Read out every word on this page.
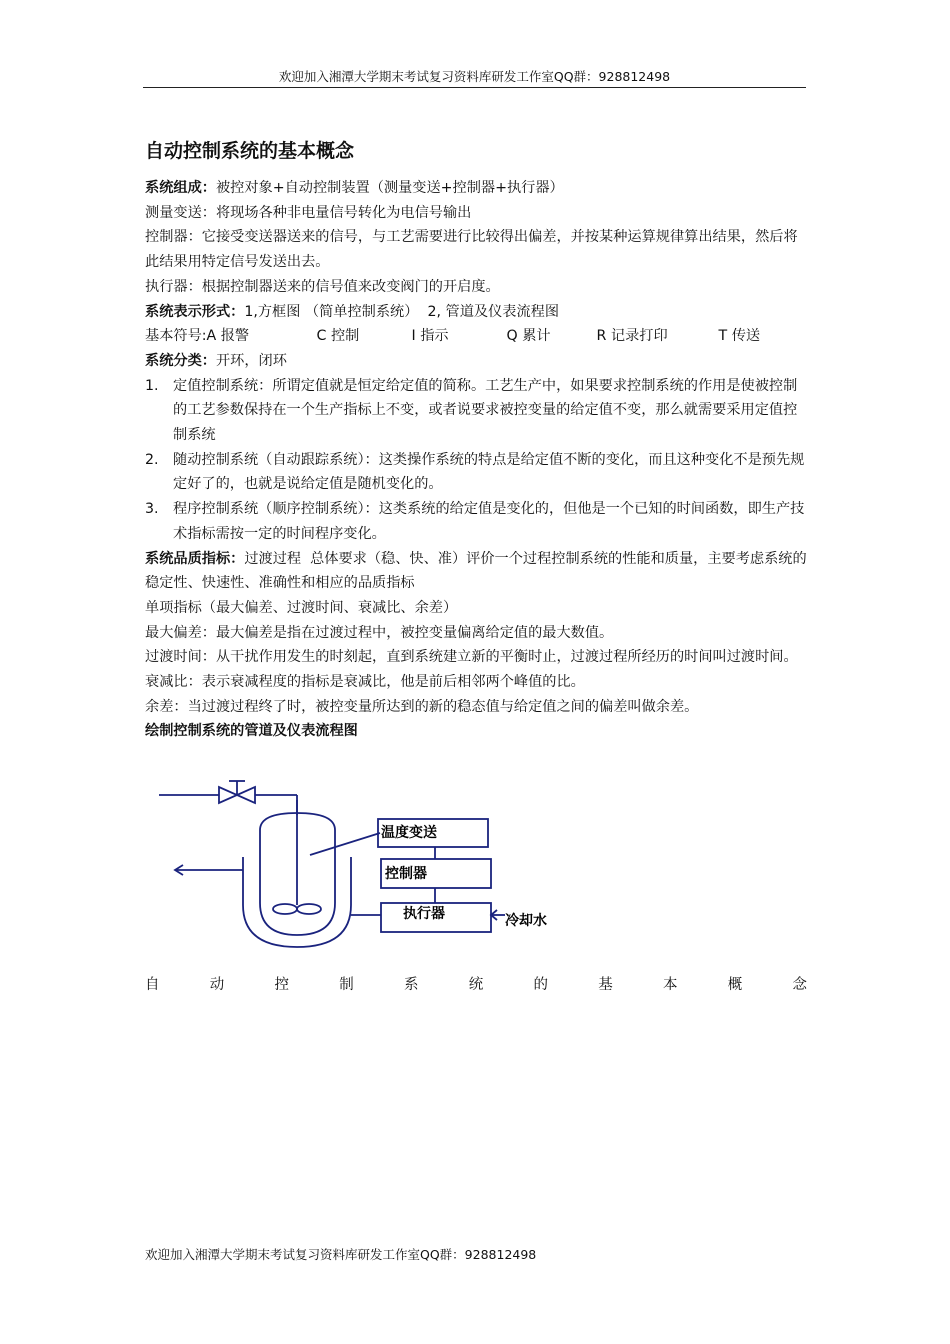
欢迎加入湘潭大学期末考试复习资料库研发工作室QQ群：928812498
自动控制系统的基本概念

系统组成：被控对象+自动控制装置（测量变送+控制器+执行器）

测量变送：将现场各种非电量信号转化为电信号输出

控制器：它接受变送器送来的信号，与工艺需要进行比较得出偏差，并按某种运算规律算出结果，然后将此结果用特定信号发送出去。

执行器：根据控制器送来的信号值来改变阀门的开启度。

系统表示形式：1,方框图 （简单控制系统）  2, 管道及仪表流程图

基本符号: A 报警	C 控制	I 指示	Q 累计	R 记录打印	T 传送

系统分类：开环，闭环

1. 定值控制系统：所谓定值就是恒定给定值的简称。工艺生产中，如果要求控制系统的作用是使被控制的工艺参数保持在一个生产指标上不变，或者说要求被控变量的给定值不变，那么就需要采用定值控制系统
2. 随动控制系统（自动跟踪系统）：这类操作系统的特点是给定值不断的变化，而且这种变化不是预先规定好了的，也就是说给定值是随机变化的。
3. 程序控制系统（顺序控制系统）：这类系统的给定值是变化的，但他是一个已知的时间函数，即生产技术指标需按一定的时间程序变化。

系统品质指标：过渡过程  总体要求（稳、快、准）评价一个过程控制系统的性能和质量，主要考虑系统的稳定性、快速性、准确性和相应的品质指标

单项指标（最大偏差、过渡时间、衰减比、余差）

最大偏差：最大偏差是指在过渡过程中，被控变量偏离给定值的最大数值。

过渡时间：从干扰作用发生的时刻起，直到系统建立新的平衡时止，过渡过程所经历的时间叫过渡时间。

衰减比：表示衰减程度的指标是衰减比，他是前后相邻两个峰值的比。

余差：当过渡过程终了时，被控变量所达到的新的稳态值与给定值之间的偏差叫做余差。

绘制控制系统的管道及仪表流程图

温度变送
控制器
执行器	冷却水
自	动	控	制	系	统	的	基	本	概	念
欢迎加入湘潭大学期末考试复习资料库研发工作室QQ群：928812498
